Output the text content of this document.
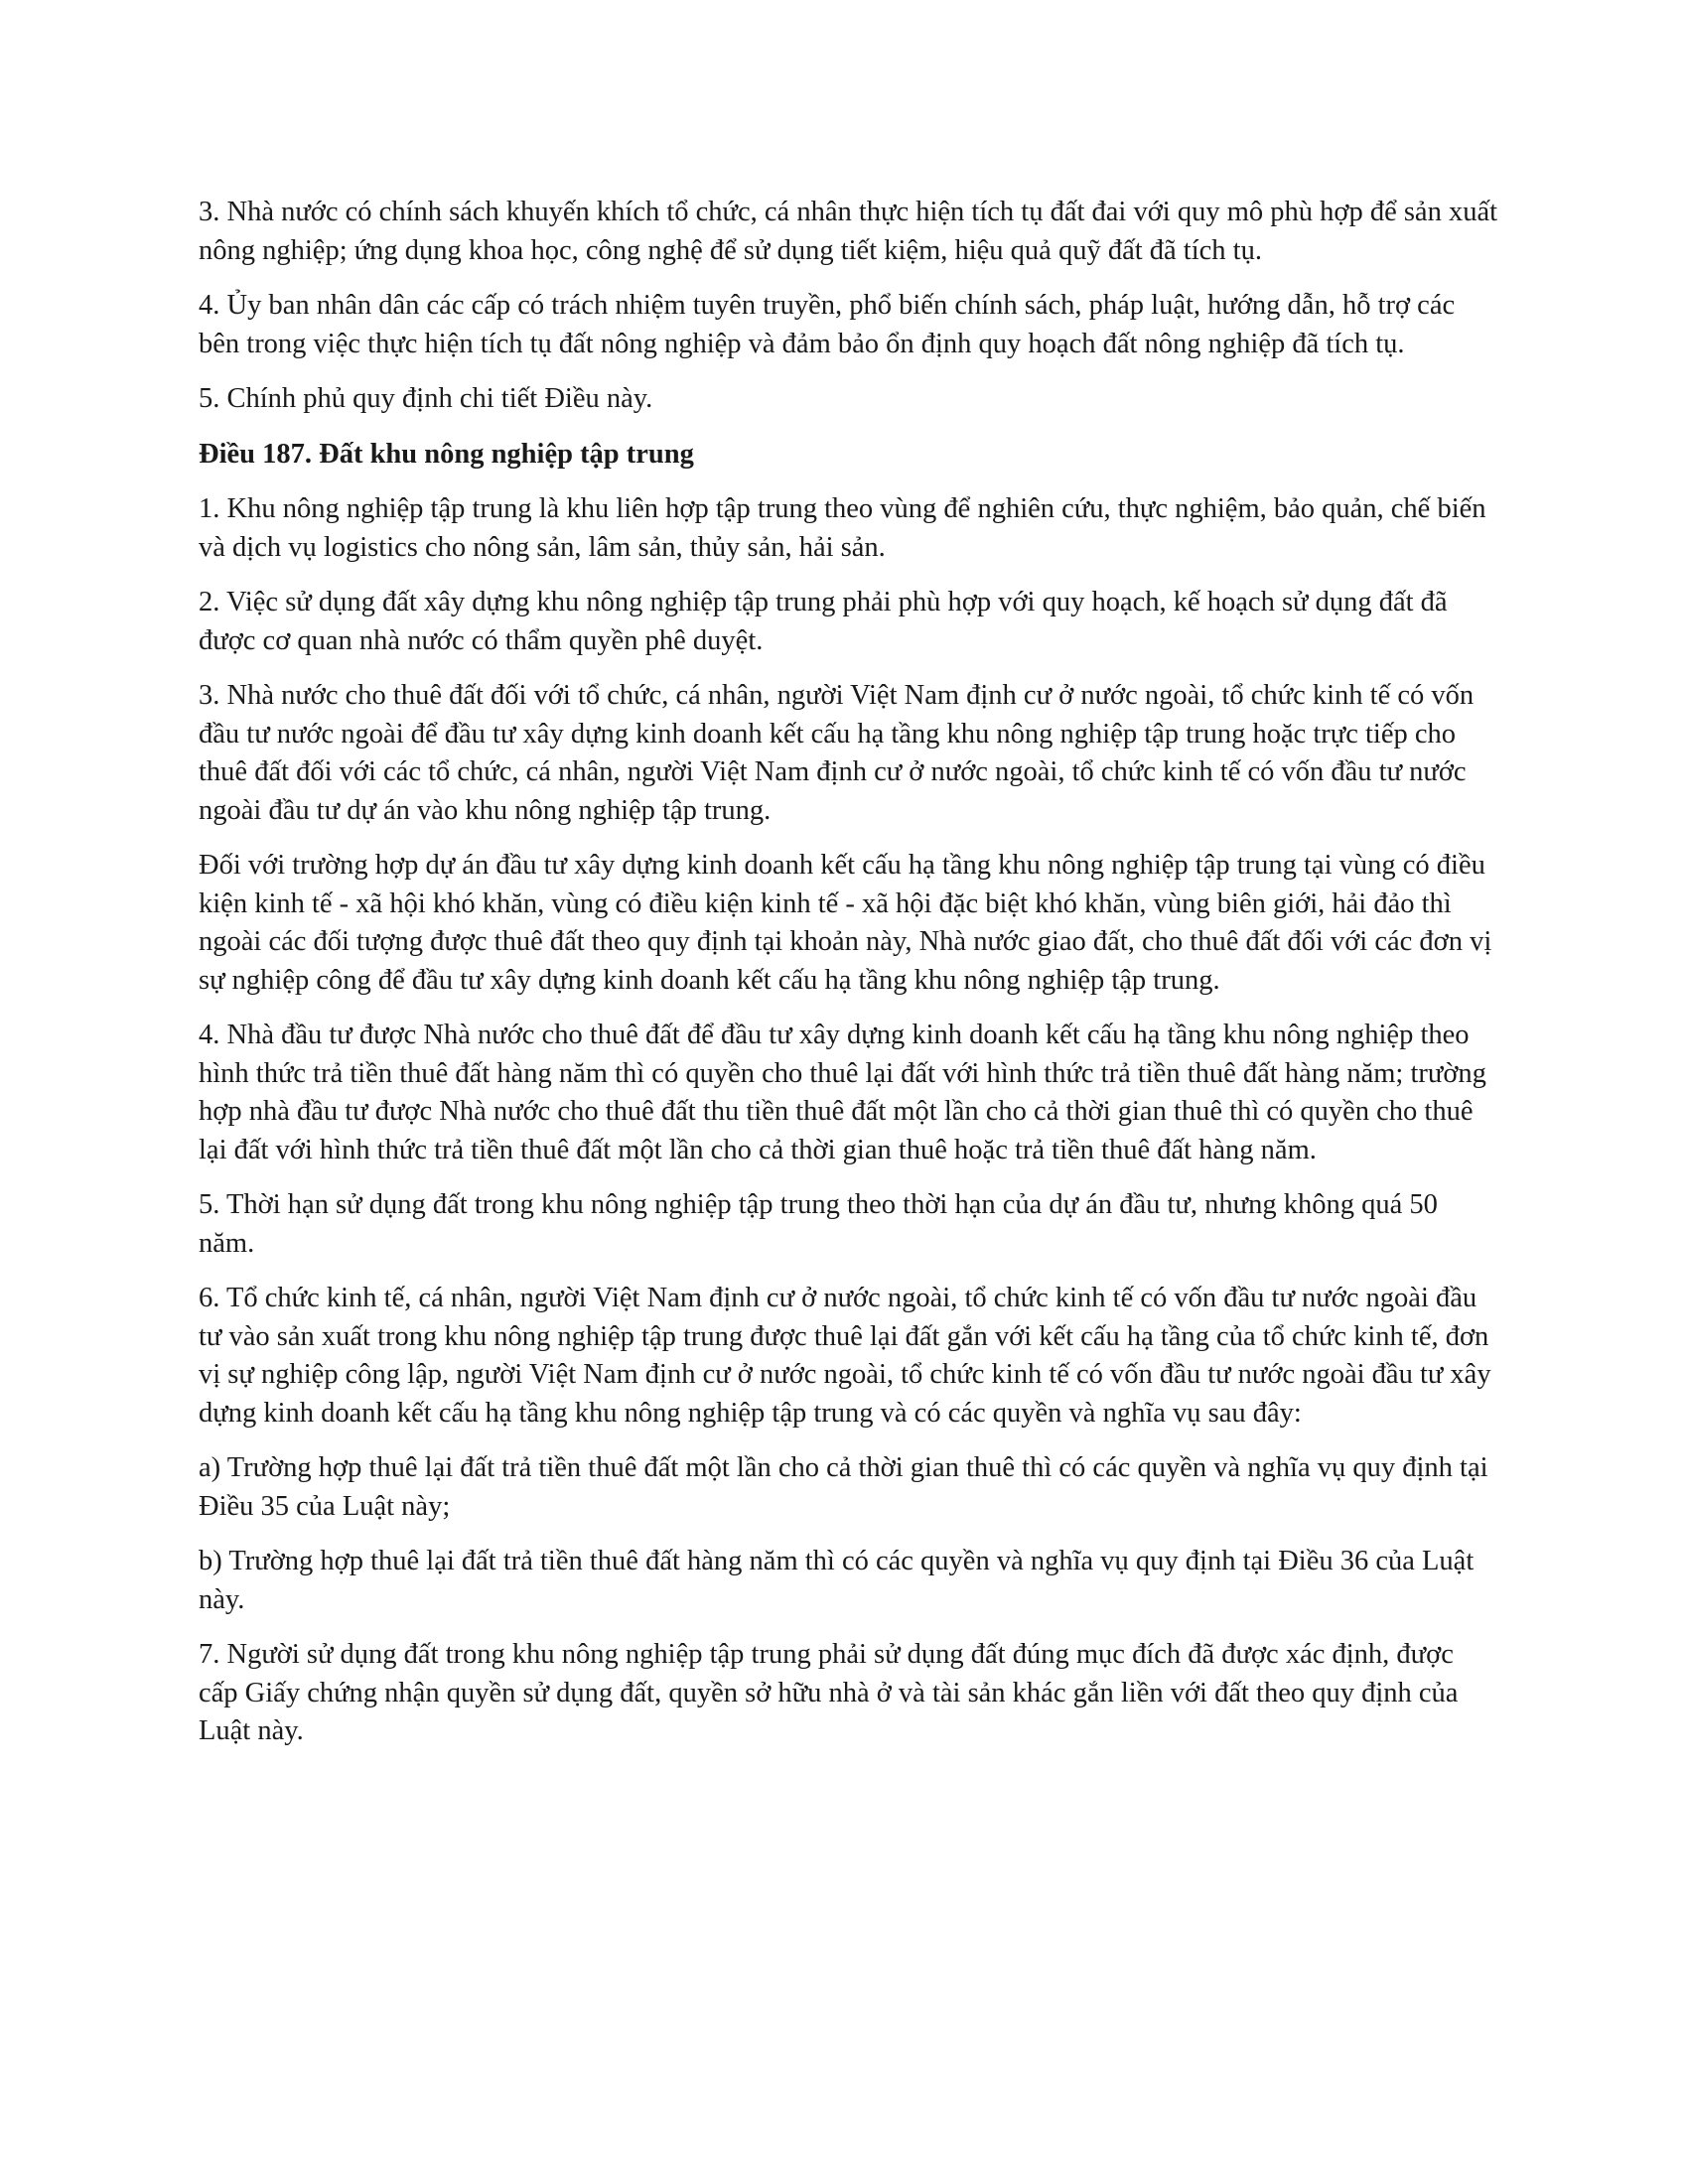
3. Nhà nước có chính sách khuyến khích tổ chức, cá nhân thực hiện tích tụ đất đai với quy mô phù hợp để sản xuất nông nghiệp; ứng dụng khoa học, công nghệ để sử dụng tiết kiệm, hiệu quả quỹ đất đã tích tụ.

4. Ủy ban nhân dân các cấp có trách nhiệm tuyên truyền, phổ biến chính sách, pháp luật, hướng dẫn, hỗ trợ các bên trong việc thực hiện tích tụ đất nông nghiệp và đảm bảo ổn định quy hoạch đất nông nghiệp đã tích tụ.

5. Chính phủ quy định chi tiết Điều này.

Điều 187. Đất khu nông nghiệp tập trung

1. Khu nông nghiệp tập trung là khu liên hợp tập trung theo vùng để nghiên cứu, thực nghiệm, bảo quản, chế biến và dịch vụ logistics cho nông sản, lâm sản, thủy sản, hải sản.

2. Việc sử dụng đất xây dựng khu nông nghiệp tập trung phải phù hợp với quy hoạch, kế hoạch sử dụng đất đã được cơ quan nhà nước có thẩm quyền phê duyệt.

3. Nhà nước cho thuê đất đối với tổ chức, cá nhân, người Việt Nam định cư ở nước ngoài, tổ chức kinh tế có vốn đầu tư nước ngoài để đầu tư xây dựng kinh doanh kết cấu hạ tầng khu nông nghiệp tập trung hoặc trực tiếp cho thuê đất đối với các tổ chức, cá nhân, người Việt Nam định cư ở nước ngoài, tổ chức kinh tế có vốn đầu tư nước ngoài đầu tư dự án vào khu nông nghiệp tập trung.

Đối với trường hợp dự án đầu tư xây dựng kinh doanh kết cấu hạ tầng khu nông nghiệp tập trung tại vùng có điều kiện kinh tế - xã hội khó khăn, vùng có điều kiện kinh tế - xã hội đặc biệt khó khăn, vùng biên giới, hải đảo thì ngoài các đối tượng được thuê đất theo quy định tại khoản này, Nhà nước giao đất, cho thuê đất đối với các đơn vị sự nghiệp công để đầu tư xây dựng kinh doanh kết cấu hạ tầng khu nông nghiệp tập trung.

4. Nhà đầu tư được Nhà nước cho thuê đất để đầu tư xây dựng kinh doanh kết cấu hạ tầng khu nông nghiệp theo hình thức trả tiền thuê đất hàng năm thì có quyền cho thuê lại đất với hình thức trả tiền thuê đất hàng năm; trường hợp nhà đầu tư được Nhà nước cho thuê đất thu tiền thuê đất một lần cho cả thời gian thuê thì có quyền cho thuê lại đất với hình thức trả tiền thuê đất một lần cho cả thời gian thuê hoặc trả tiền thuê đất hàng năm.

5. Thời hạn sử dụng đất trong khu nông nghiệp tập trung theo thời hạn của dự án đầu tư, nhưng không quá 50 năm.

6. Tổ chức kinh tế, cá nhân, người Việt Nam định cư ở nước ngoài, tổ chức kinh tế có vốn đầu tư nước ngoài đầu tư vào sản xuất trong khu nông nghiệp tập trung được thuê lại đất gắn với kết cấu hạ tầng của tổ chức kinh tế, đơn vị sự nghiệp công lập, người Việt Nam định cư ở nước ngoài, tổ chức kinh tế có vốn đầu tư nước ngoài đầu tư xây dựng kinh doanh kết cấu hạ tầng khu nông nghiệp tập trung và có các quyền và nghĩa vụ sau đây:

a) Trường hợp thuê lại đất trả tiền thuê đất một lần cho cả thời gian thuê thì có các quyền và nghĩa vụ quy định tại Điều 35 của Luật này;

b) Trường hợp thuê lại đất trả tiền thuê đất hàng năm thì có các quyền và nghĩa vụ quy định tại Điều 36 của Luật này.

7. Người sử dụng đất trong khu nông nghiệp tập trung phải sử dụng đất đúng mục đích đã được xác định, được cấp Giấy chứng nhận quyền sử dụng đất, quyền sở hữu nhà ở và tài sản khác gắn liền với đất theo quy định của Luật này.
